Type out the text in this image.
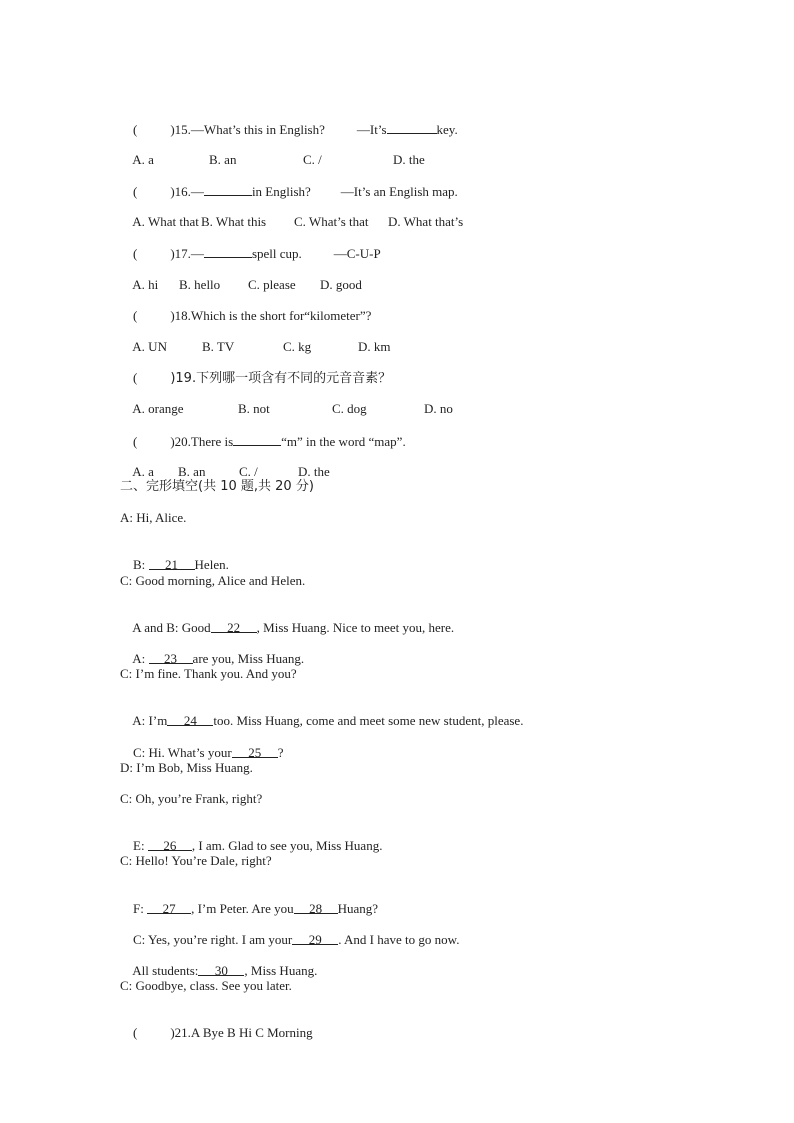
(	)15.—What’s this in English? —It’s	key.

A. a	B. an	C. /	D. the

(	)16.—	in English? —It’s an English map.

A. What that B. What this C. What’s that D. What that’s

(	)17.—	spell cup. —C-U-P

A. hi B. hello C. please D. good

(	)18.Which is the short for“kilometer”?

A. UN	B. TV	C. kg	D. km

(	)19.下列哪一项含有不同的元音音素？

A. orange	B. not	C. dog	D. no

(	)20.There is	“m” in the word “map”.

A. a B. an	C. /	D. the

二、完形填空(共 10 题,共 20 分)
A: Hi, Alice.

B: 21 Helen.

C: Good morning, Alice and Helen.

A and B: Good 22 , Miss Huang. Nice to meet you, here.

A: 23 are you, Miss Huang.

C: I’m fine. Thank you. And you?

A: I’m 24 too. Miss Huang, come and meet some new student, please.

C: Hi. What’s your 25 ?

D: I’m Bob, Miss Huang.
C: Oh, you’re Frank, right?

E: 26 , I am. Glad to see you, Miss Huang.

C: Hello! You’re Dale, right?

F: 27 , I’m Peter. Are you 28 Huang?

C: Yes, you’re right. I am your 29 . And I have to go now.

All students: 30 , Miss Huang.

C: Goodbye, class. See you later.

(	)21.A Bye B Hi C Morning
